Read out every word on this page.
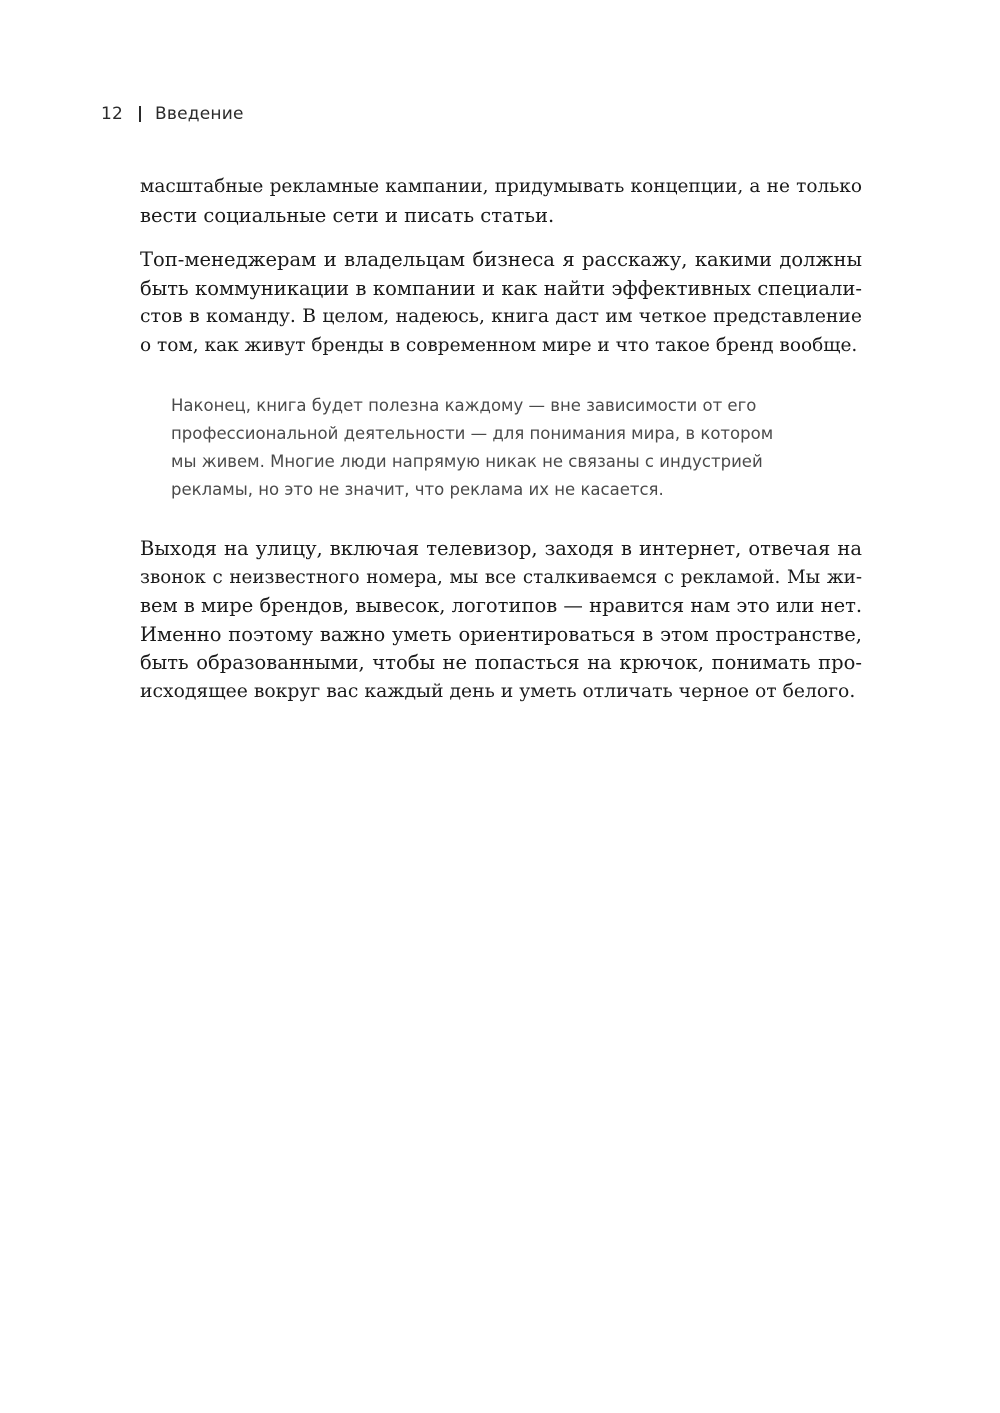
12 Введение
масштабные рекламные кампании, придумывать концепции, а не только
вести социальные сети и писать статьи.
Топ-менеджерам и владельцам бизнеса я расскажу, какими должны
быть коммуникации в компании и как найти эффективных специали-
стов в команду. В целом, надеюсь, книга даст им четкое представление
о том, как живут бренды в современном мире и что такое бренд вообще.
Наконец, книга будет полезна каждому — вне зависимости от его
профессиональной деятельности — для понимания мира, в котором
мы живем. Многие люди напрямую никак не связаны с индустрией
рекламы, но это не значит, что реклама их не касается.
Выходя на улицу, включая телевизор, заходя в интернет, отвечая на
звонок с неизвестного номера, мы все сталкиваемся с рекламой. Мы жи-
вем в мире брендов, вывесок, логотипов — нравится нам это или нет.
Именно поэтому важно уметь ориентироваться в этом пространстве,
быть образованными, чтобы не попасться на крючок, понимать про-
исходящее вокруг вас каждый день и уметь отличать черное от белого.
